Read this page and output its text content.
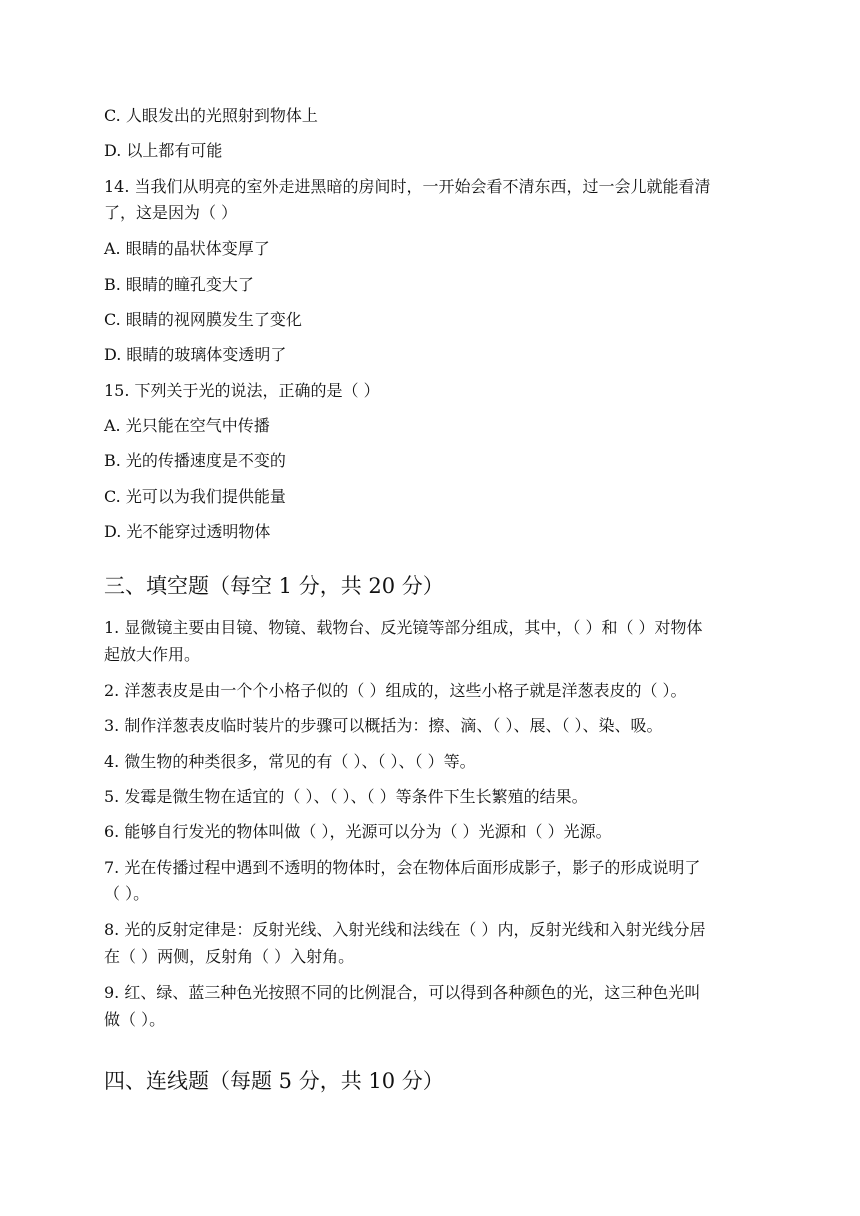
C. 人眼发出的光照射到物体上
D. 以上都有可能
14. 当我们从明亮的室外走进黑暗的房间时，一开始会看不清东西，过一会儿就能看清
了，这是因为（ ）
A. 眼睛的晶状体变厚了
B. 眼睛的瞳孔变大了
C. 眼睛的视网膜发生了变化
D. 眼睛的玻璃体变透明了
15. 下列关于光的说法，正确的是（ ）
A. 光只能在空气中传播
B. 光的传播速度是不变的
C. 光可以为我们提供能量
D. 光不能穿过透明物体
三、填空题（每空 1 分，共 20 分）
1. 显微镜主要由目镜、物镜、载物台、反光镜等部分组成，其中，（ ）和（ ）对物体
起放大作用。
2. 洋葱表皮是由一个个小格子似的（ ）组成的，这些小格子就是洋葱表皮的（ ）。
3. 制作洋葱表皮临时装片的步骤可以概括为：擦、滴、（ ）、展、（ ）、染、吸。
4. 微生物的种类很多，常见的有（ ）、（ ）、（ ）等。
5. 发霉是微生物在适宜的（ ）、（ ）、（ ）等条件下生长繁殖的结果。
6. 能够自行发光的物体叫做（ ），光源可以分为（ ）光源和（ ）光源。
7. 光在传播过程中遇到不透明的物体时，会在物体后面形成影子，影子的形成说明了
（ ）。
8. 光的反射定律是：反射光线、入射光线和法线在（ ）内，反射光线和入射光线分居
在（ ）两侧，反射角（ ）入射角。
9. 红、绿、蓝三种色光按照不同的比例混合，可以得到各种颜色的光，这三种色光叫
做（ ）。
四、连线题（每题 5 分，共 10 分）
